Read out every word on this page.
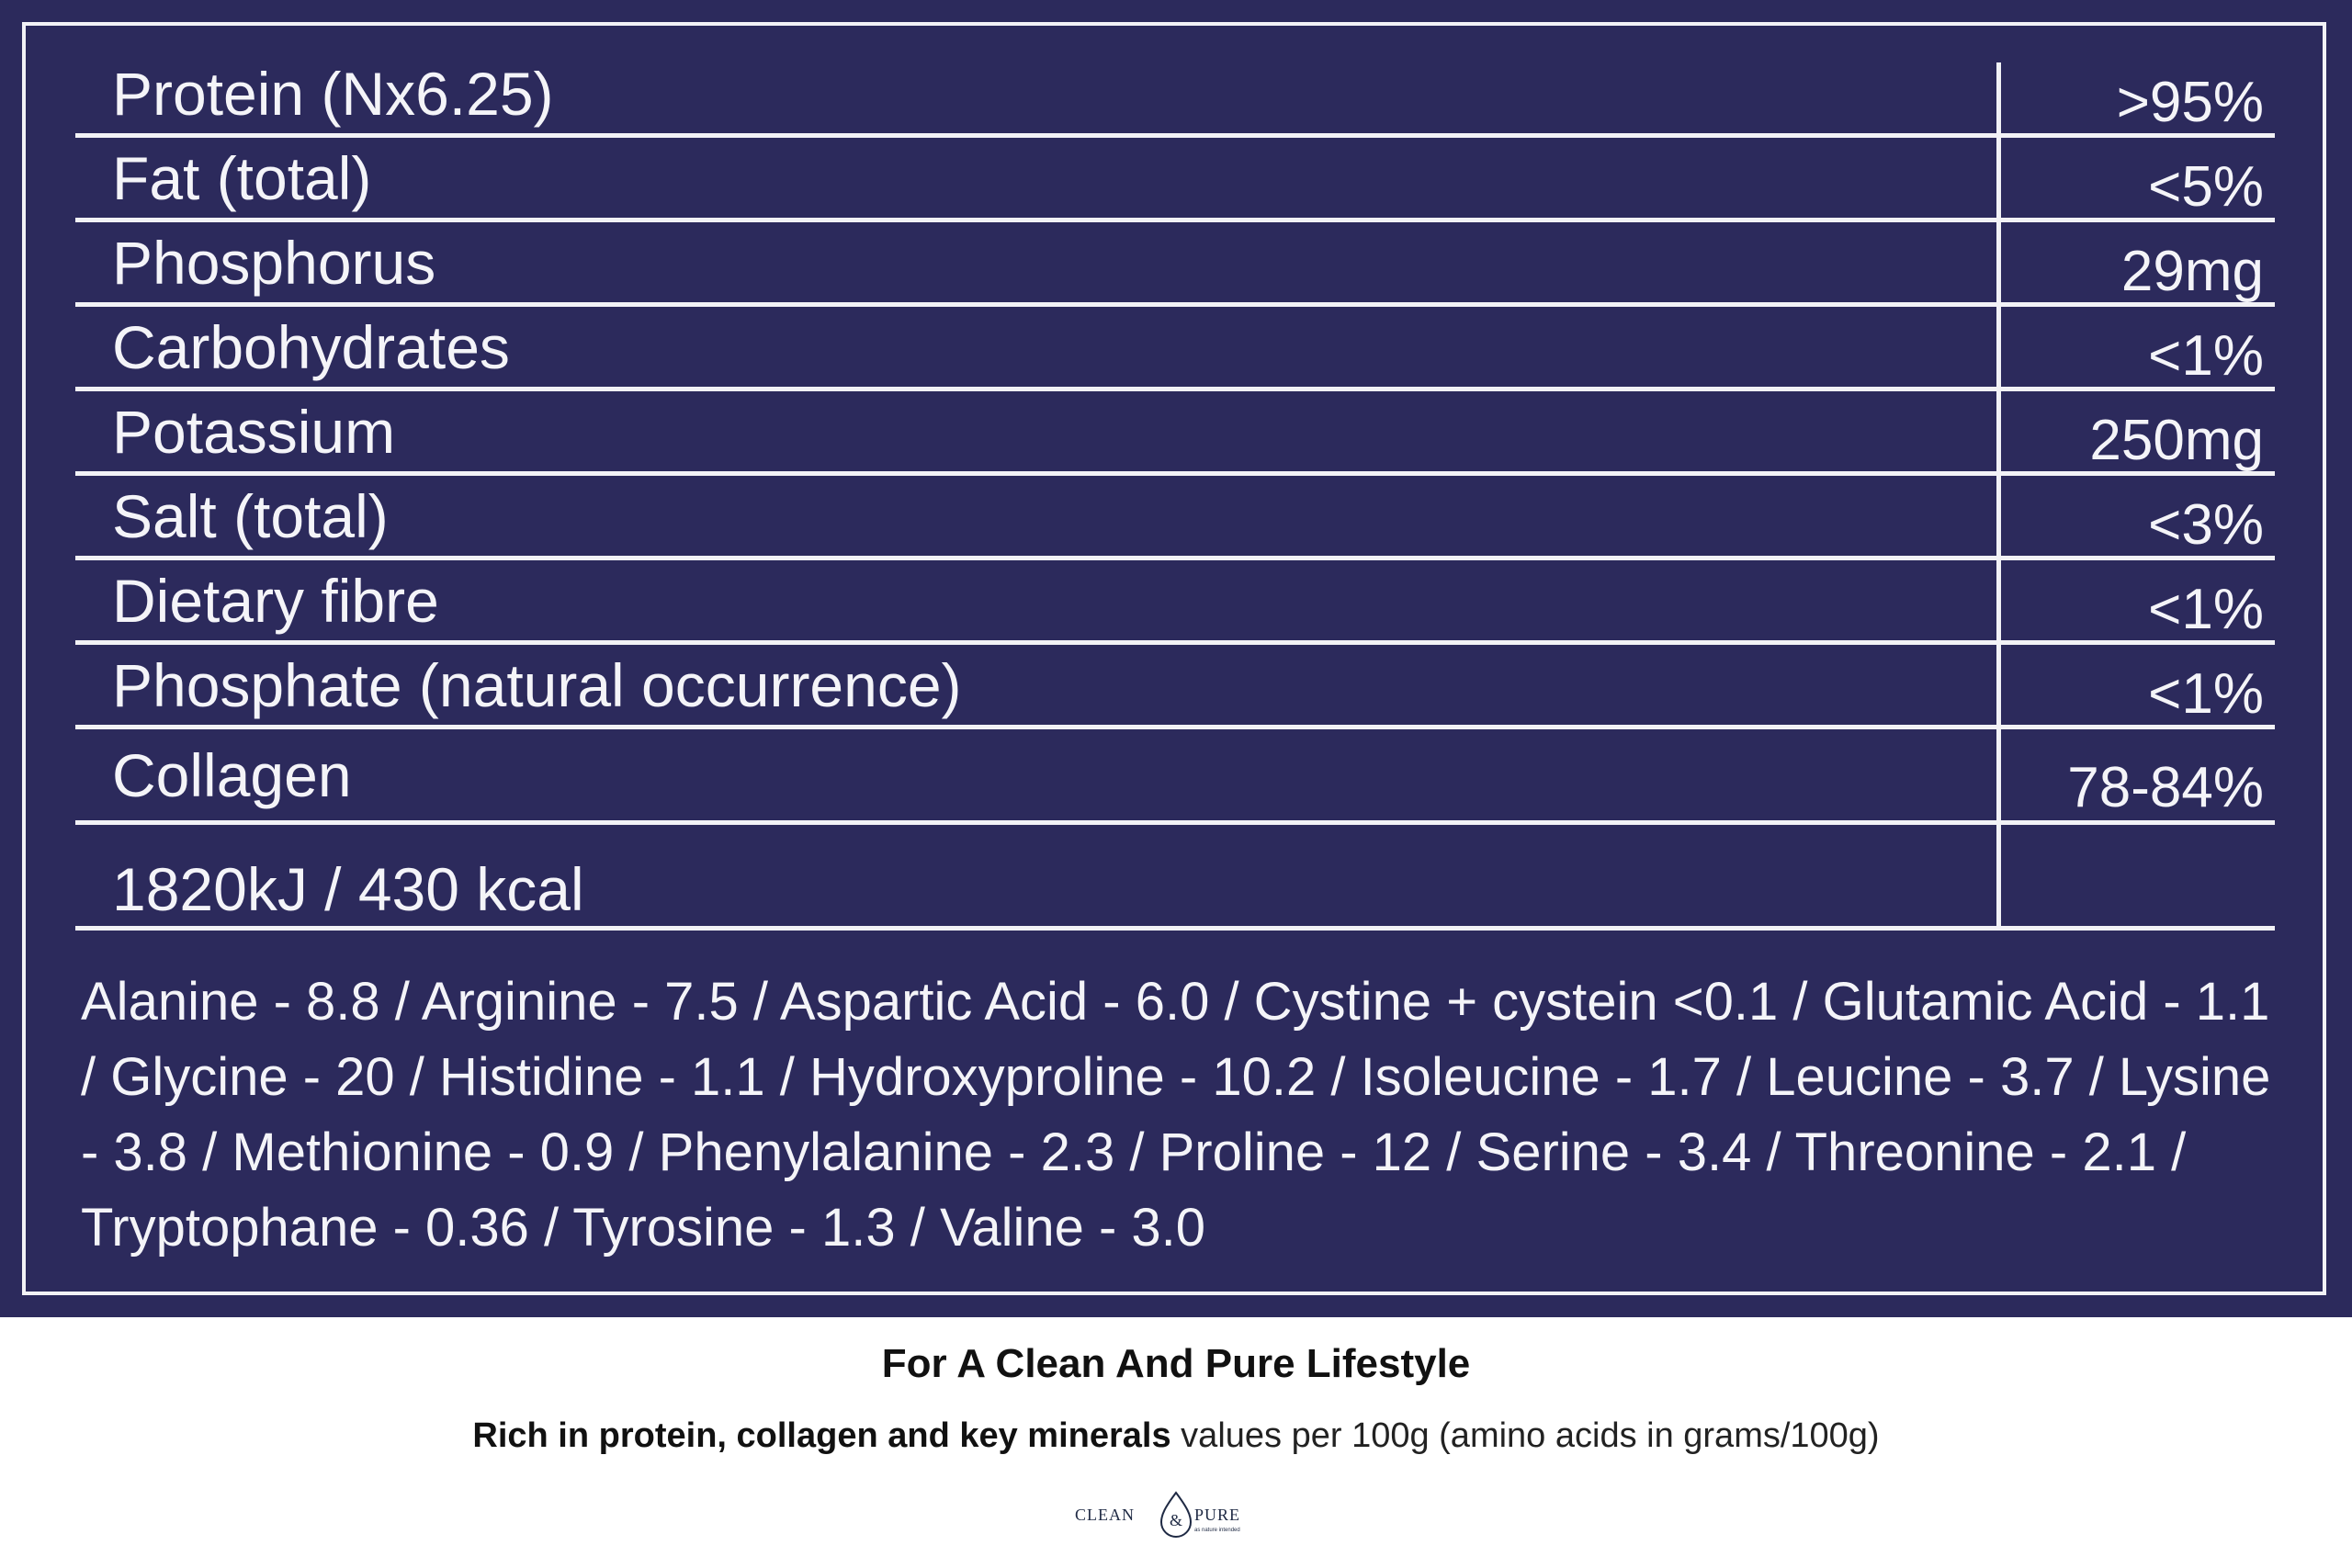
Protein (Nx6.25)	>95%
Fat (total)	<5%
Phosphorus	29mg
Carbohydrates	<1%
Potassium	250mg
Salt (total)	<3%
Dietary fibre	<1%
Phosphate (natural occurrence)	<1%
Collagen	78-84%
1820kJ / 430 kcal
Alanine - 8.8 / Arginine - 7.5 / Aspartic Acid - 6.0 / Cystine + cystein <0.1 / Glutamic Acid - 1.1 / Glycine - 20 / Histidine - 1.1 / Hydroxyproline - 10.2 / Isoleucine - 1.7 / Leucine - 3.7 / Lysine - 3.8 / Methionine - 0.9 / Phenylalanine - 2.3 / Proline - 12 / Serine - 3.4 / Threonine - 2.1 / Tryptophane - 0.36 / Tyrosine - 1.3 / Valine - 3.0
For A Clean And Pure Lifestyle
Rich in protein, collagen and key minerals values per 100g (amino acids in grams/100g)
CLEAN & PURE
as nature intended
